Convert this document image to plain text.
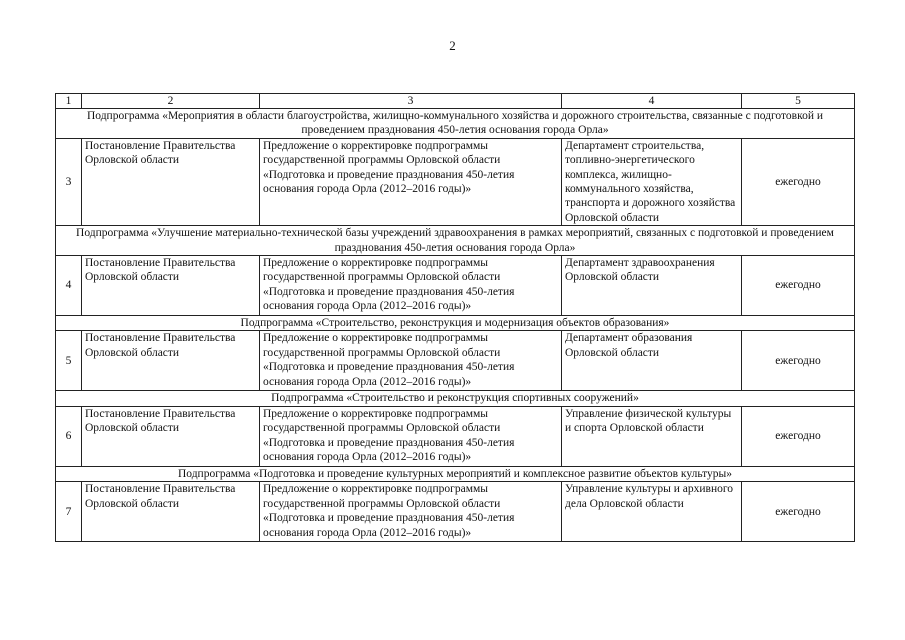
2
1	2	3	4	5
Подпрограмма «Мероприятия в области благоустройства, жилищно-коммунального хозяйства и дорожного строительства, связанные с подготовкой и проведением празднования 450-летия основания города Орла»				
3	Постановление Правительства Орловской области	Предложение о корректировке подпрограммы государственной программы Орловской области «Подготовка и проведение празднования 450-летия основания города Орла (2012–2016 годы)»	Департамент строительства, топливно-энергетического комплекса, жилищно-коммунального хозяйства, транспорта и дорожного хозяйства Орловской области	ежегодно
Подпрограмма «Улучшение материально-технической базы учреждений здравоохранения в рамках мероприятий, связанных с подготовкой и проведением празднования 450-летия основания города Орла»				
4	Постановление Правительства Орловской области	Предложение о корректировке подпрограммы государственной программы Орловской области «Подготовка и проведение празднования 450-летия основания города Орла (2012–2016 годы)»	Департамент здравоохранения Орловской области	ежегодно
Подпрограмма «Строительство, реконструкция и модернизация объектов образования»				
5	Постановление Правительства Орловской области	Предложение о корректировке подпрограммы государственной программы Орловской области «Подготовка и проведение празднования 450-летия основания города Орла (2012–2016 годы)»	Департамент образования Орловской области	ежегодно
Подпрограмма «Строительство и реконструкция спортивных сооружений»				
6	Постановление Правительства Орловской области	Предложение о корректировке подпрограммы государственной программы Орловской области «Подготовка и проведение празднования 450-летия основания города Орла (2012–2016 годы)»	Управление физической культуры и спорта Орловской области	ежегодно
Подпрограмма «Подготовка и проведение культурных мероприятий и комплексное развитие объектов культуры»				
7	Постановление Правительства Орловской области	Предложение о корректировке подпрограммы государственной программы Орловской области «Подготовка и проведение празднования 450-летия основания города Орла (2012–2016 годы)»	Управление культуры и архивного дела Орловской области	ежегодно
